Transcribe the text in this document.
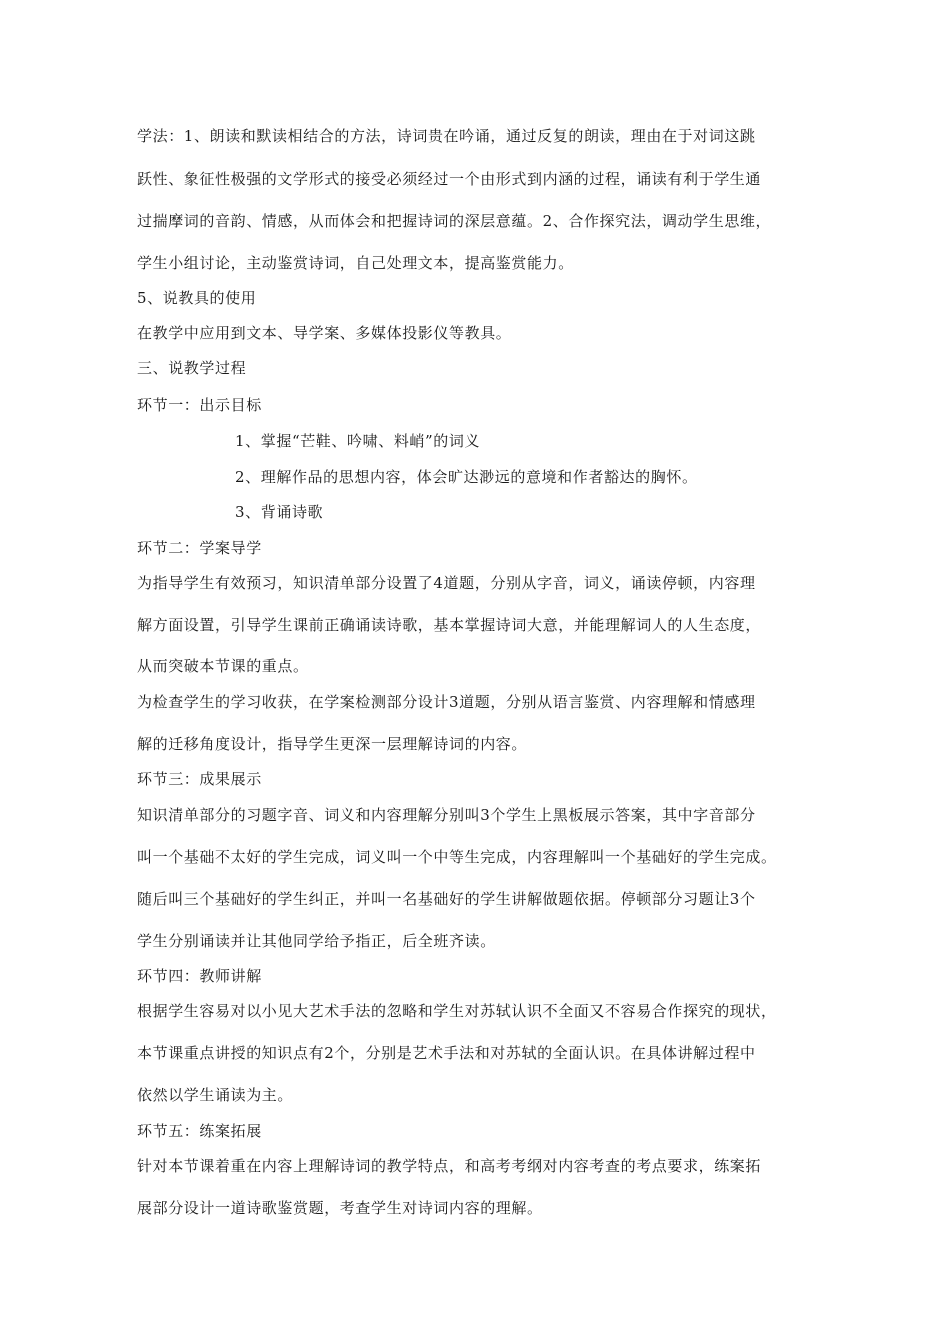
学法：1、朗读和默读相结合的方法，诗词贵在吟诵，通过反复的朗读，理由在于对词这跳
跃性、象征性极强的文学形式的接受必须经过一个由形式到内涵的过程，诵读有利于学生通
过揣摩词的音韵、情感，从而体会和把握诗词的深层意蕴。2、合作探究法，调动学生思维，
学生小组讨论，主动鉴赏诗词，自己处理文本，提高鉴赏能力。
5、说教具的使用
在教学中应用到文本、导学案、多媒体投影仪等教具。
三、说教学过程
环节一：出示目标
1、掌握“芒鞋、吟啸、料峭”的词义
2、理解作品的思想内容，体会旷达渺远的意境和作者豁达的胸怀。
3、背诵诗歌
环节二：学案导学
为指导学生有效预习，知识清单部分设置了4道题，分别从字音，词义，诵读停顿，内容理
解方面设置，引导学生课前正确诵读诗歌，基本掌握诗词大意，并能理解词人的人生态度，
从而突破本节课的重点。
为检查学生的学习收获，在学案检测部分设计3道题，分别从语言鉴赏、内容理解和情感理
解的迁移角度设计，指导学生更深一层理解诗词的内容。
环节三：成果展示
知识清单部分的习题字音、词义和内容理解分别叫3个学生上黑板展示答案，其中字音部分
叫一个基础不太好的学生完成，词义叫一个中等生完成，内容理解叫一个基础好的学生完成。
随后叫三个基础好的学生纠正，并叫一名基础好的学生讲解做题依据。停顿部分习题让3个
学生分别诵读并让其他同学给予指正，后全班齐读。
环节四：教师讲解
根据学生容易对以小见大艺术手法的忽略和学生对苏轼认识不全面又不容易合作探究的现状，
本节课重点讲授的知识点有2个，分别是艺术手法和对苏轼的全面认识。在具体讲解过程中
依然以学生诵读为主。
环节五：练案拓展
针对本节课着重在内容上理解诗词的教学特点，和高考考纲对内容考查的考点要求，练案拓
展部分设计一道诗歌鉴赏题，考查学生对诗词内容的理解。
